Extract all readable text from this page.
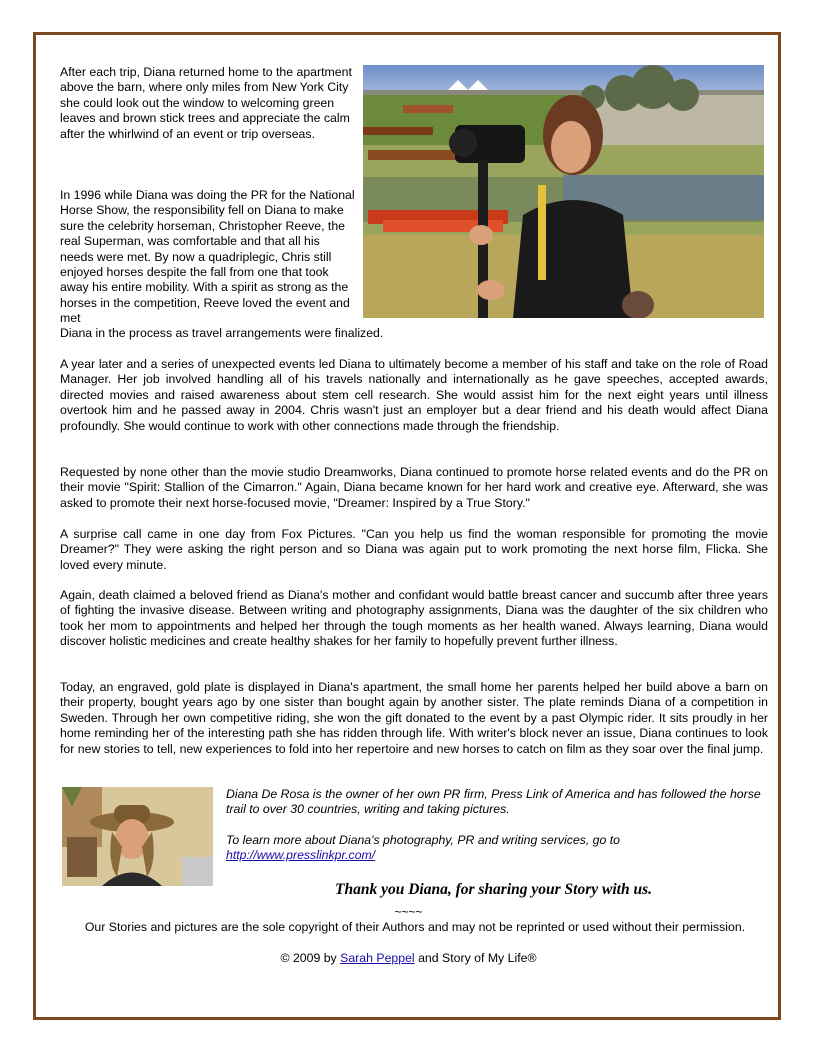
After each trip, Diana returned home to the apartment above the barn, where only miles from New York City she could look out the window to welcoming green leaves and brown stick trees and appreciate the calm after the whirlwind of an event or trip overseas.

In 1996 while Diana was doing the PR for the National Horse Show, the responsibility fell on Diana to make sure the celebrity horseman, Christopher Reeve, the real Superman, was comfortable and that all his needs were met. By now a quadriplegic, Chris still enjoyed horses despite the fall from one that took away his entire mobility. With a spirit as strong as the horses in the competition, Reeve loved the event and met

Diana in the process as travel arrangements were finalized.

A year later and a series of unexpected events led Diana to ultimately become a member of his staff and take on the role of Road Manager. Her job involved handling all of his travels nationally and internationally as he gave speeches, accepted awards, directed movies and raised awareness about stem cell research. She would assist him for the next eight years until illness overtook him and he passed away in 2004. Chris wasn't just an employer but a dear friend and his death would affect Diana profoundly. She would continue to work with other connections made through the friendship.

Requested by none other than the movie studio Dreamworks, Diana continued to promote horse related events and do the PR on their movie "Spirit: Stallion of the Cimarron." Again, Diana became known for her hard work and creative eye. Afterward, she was asked to promote their next horse-focused movie, "Dreamer: Inspired by a True Story."

A surprise call came in one day from Fox Pictures. "Can you help us find the woman responsible for promoting the movie Dreamer?" They were asking the right person and so Diana was again put to work promoting the next horse film, Flicka. She loved every minute.

Again, death claimed a beloved friend as Diana's mother and confidant would battle breast cancer and succumb after three years of fighting the invasive disease. Between writing and photography assignments, Diana was the daughter of the six children who took her mom to appointments and helped her through the tough moments as her health waned. Always learning, Diana would discover holistic medicines and create healthy shakes for her family to hopefully prevent further illness.

Today, an engraved, gold plate is displayed in Diana's apartment, the small home her parents helped her build above a barn on their property, bought years ago by one sister than bought again by another sister. The plate reminds Diana of a competition in Sweden. Through her own competitive riding, she won the gift donated to the event by a past Olympic rider. It sits proudly in her home reminding her of the interesting path she has ridden through life. With writer's block never an issue, Diana continues to look for new stories to tell, new experiences to fold into her repertoire and new horses to catch on film as they soar over the final jump.

Diana De Rosa is the owner of her own PR firm, Press Link of America and has followed the horse trail to over 30 countries, writing and taking pictures.

To learn more about Diana's photography, PR and writing services, go to
http://www.presslinkpr.com/

Thank you Diana, for sharing your Story with us.
~~~~
Our Stories and pictures are the sole copyright of their Authors and may not be reprinted or used without their permission.
© 2009 by Sarah Peppel and Story of My Life®
